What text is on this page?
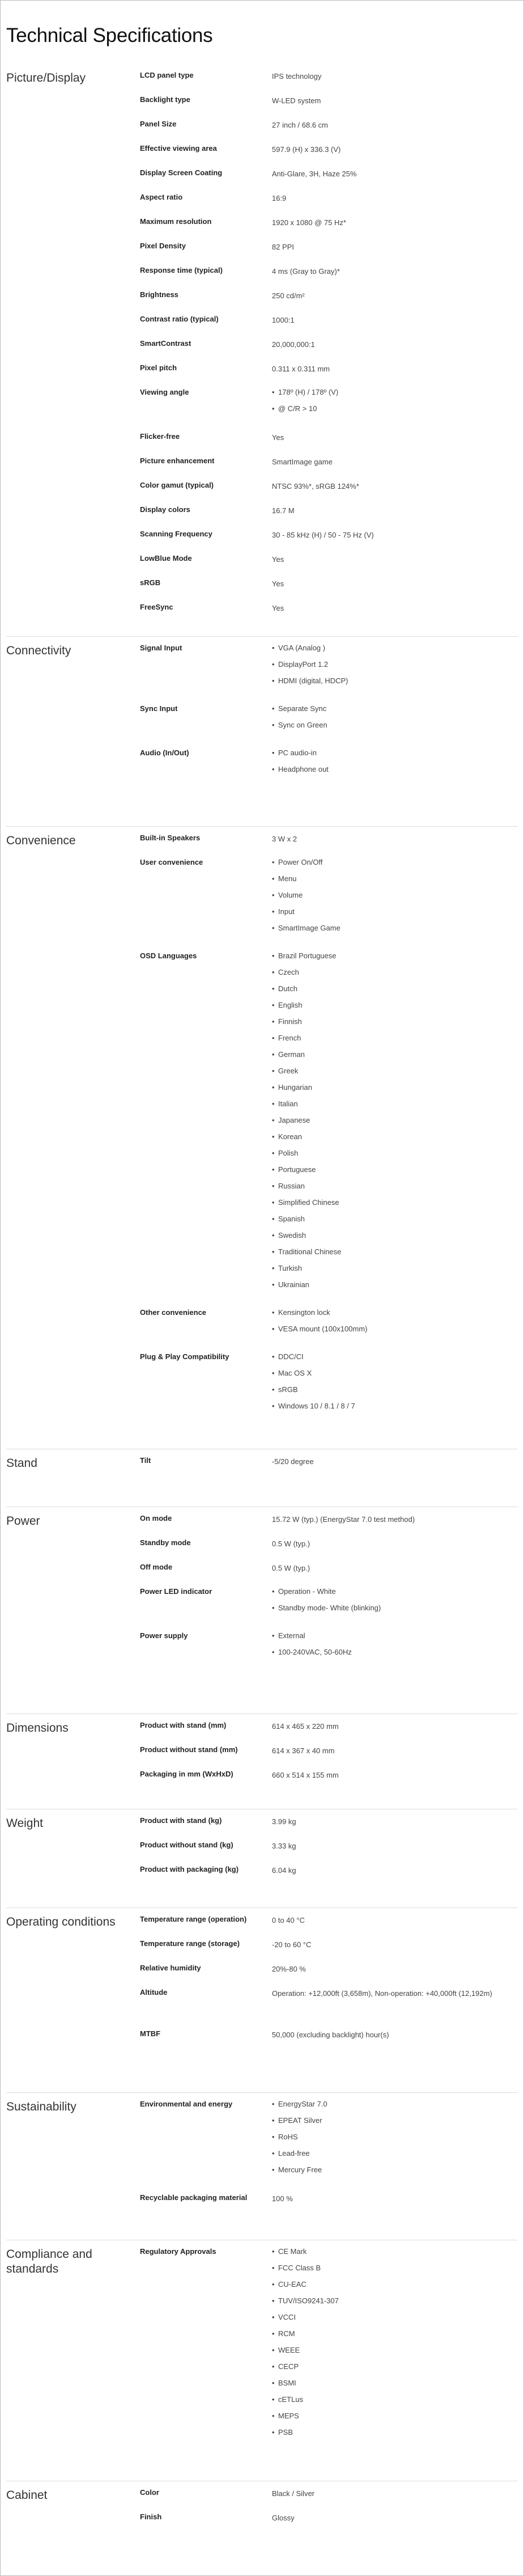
Technical Specifications
Picture/Display	LCD panel type	IPS technology
Backlight type	W-LED system
Panel Size	27 inch / 68.6 cm
Effective viewing area	597.9 (H) x 336.3 (V)
Display Screen Coating	Anti-Glare, 3H, Haze 25%
Aspect ratio	16:9
Maximum resolution	1920 x 1080 @ 75 Hz*
Pixel Density	82 PPI
Response time (typical)	4 ms (Gray to Gray)*
Brightness	250 cd/m²
Contrast ratio (typical)	1000:1
SmartContrast	20,000,000:1
Pixel pitch	0.311 x 0.311 mm
Viewing angle	• 178º (H) / 178º (V)
• @ C/R > 10
Flicker-free	Yes
Picture enhancement	SmartImage game
Color gamut (typical)	NTSC 93%*, sRGB 124%*
Display colors	16.7 M
Scanning Frequency	30 - 85 kHz (H) / 50 - 75 Hz (V)
LowBlue Mode	Yes
sRGB	Yes
FreeSync	Yes
Connectivity	Signal Input	• VGA (Analog )
• DisplayPort 1.2
• HDMI (digital, HDCP)
Sync Input	• Separate Sync
• Sync on Green
Audio (In/Out)	• PC audio-in
• Headphone out
Convenience	Built-in Speakers	3 W x 2
User convenience	• Power On/Off
• Menu
• Volume
• Input
• SmartImage Game
OSD Languages	• Brazil Portuguese
• Czech
• Dutch
• English
• Finnish
• French
• German
• Greek
• Hungarian
• Italian
• Japanese
• Korean
• Polish
• Portuguese
• Russian
• Simplified Chinese
• Spanish
• Swedish
• Traditional Chinese
• Turkish
• Ukrainian
Other convenience	• Kensington lock
• VESA mount (100x100mm)
Plug & Play Compatibility	• DDC/CI
• Mac OS X
• sRGB
• Windows 10 / 8.1 / 8 / 7
Stand	Tilt	-5/20 degree
Power	On mode	15.72 W (typ.) (EnergyStar 7.0 test method)
Standby mode	0.5 W (typ.)
Off mode	0.5 W (typ.)
Power LED indicator	• Operation - White
• Standby mode- White (blinking)
Power supply	• External
• 100-240VAC, 50-60Hz
Dimensions	Product with stand (mm)	614 x 465 x 220 mm
Product without stand (mm)	614 x 367 x 40 mm
Packaging in mm (WxHxD)	660 x 514 x 155 mm
Weight	Product with stand (kg)	3.99 kg
Product without stand (kg)	3.33 kg
Product with packaging (kg)	6.04 kg
Operating conditions	Temperature range (operation)	0 to 40 °C
Temperature range (storage)	-20 to 60 °C
Relative humidity	20%-80 %
Altitude	Operation: +12,000ft (3,658m), Non-operation: +40,000ft (12,192m)
MTBF	50,000 (excluding backlight) hour(s)
Sustainability	Environmental and energy	• EnergyStar 7.0
• EPEAT Silver
• RoHS
• Lead-free
• Mercury Free
Recyclable packaging material	100 %
Compliance and standards
Regulatory Approvals	• CE Mark
• FCC Class B
• CU-EAC
• TUV/ISO9241-307
• VCCI
• RCM
• WEEE
• CECP
• BSMI
• cETLus
• MEPS
• PSB
Cabinet	Color	Black / Silver
Finish	Glossy
